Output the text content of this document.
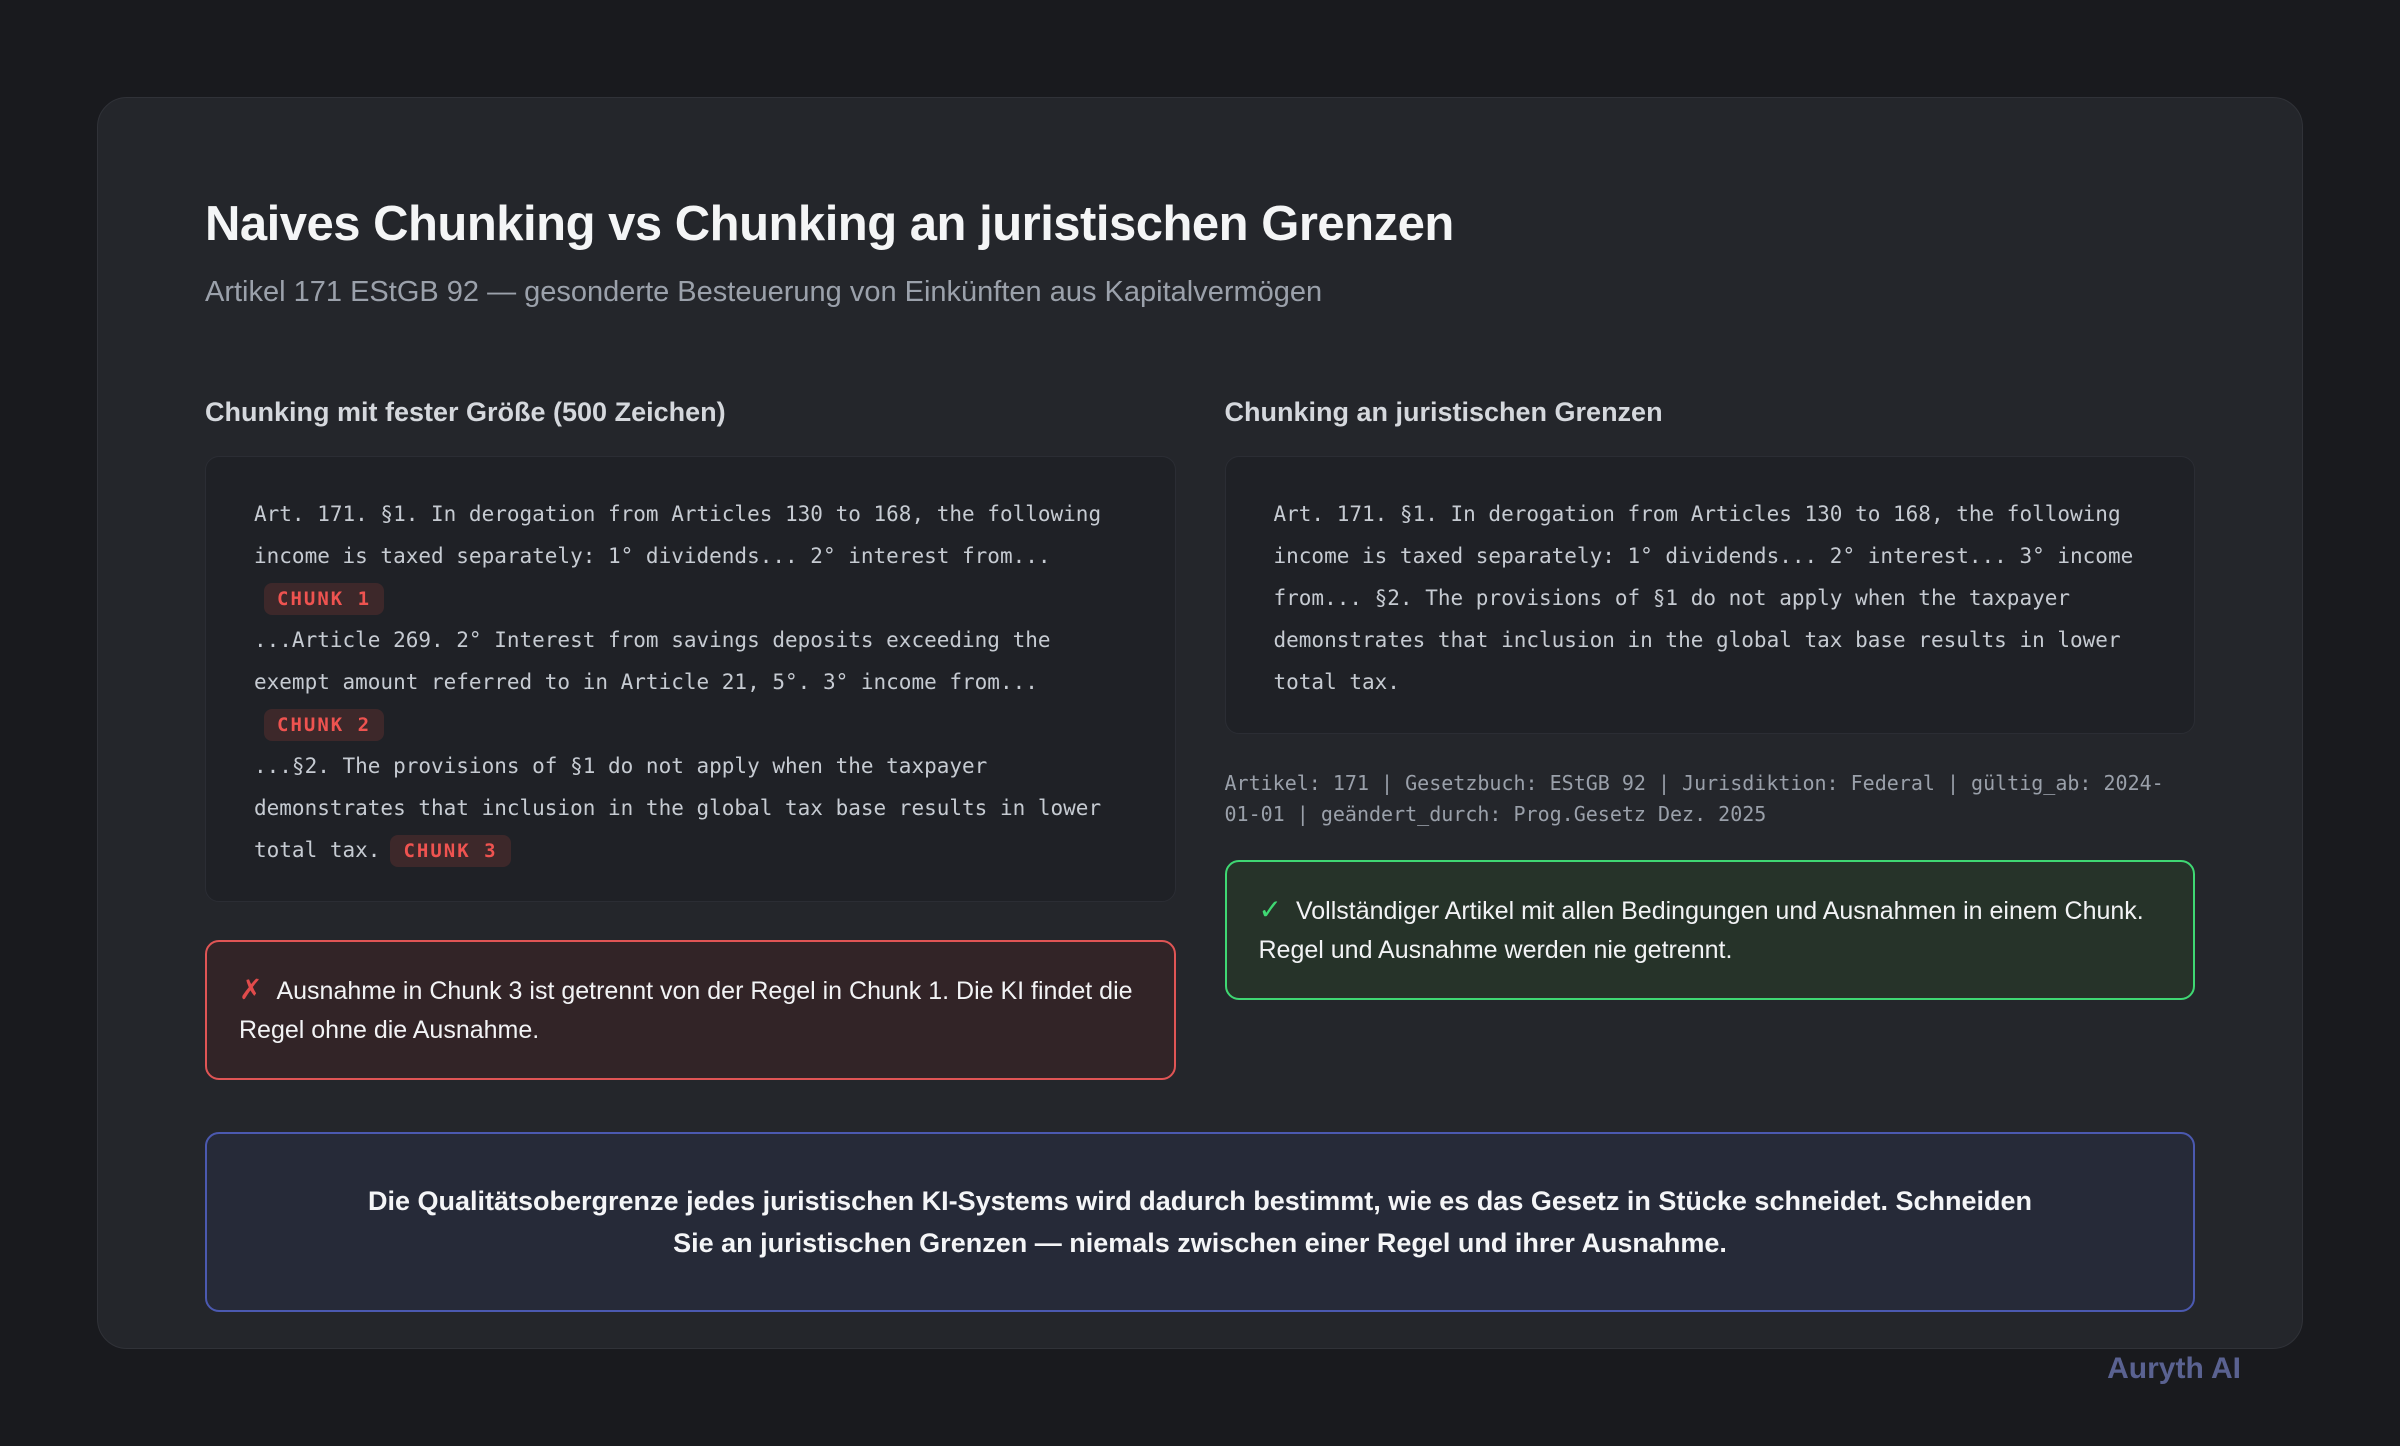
Naives Chunking vs Chunking an juristischen Grenzen
Artikel 171 EStGB 92 — gesonderte Besteuerung von Einkünften aus Kapitalvermögen
Chunking mit fester Größe (500 Zeichen)
Art. 171. §1. In derogation from Articles 130 to 168, the following income is taxed separately: 1° dividends... 2° interest from...CHUNK 1
...Article 269. 2° Interest from savings deposits exceeding the exempt amount referred to in Article 21, 5°. 3° income from...CHUNK 2
...§2. The provisions of §1 do not apply when the taxpayer demonstrates that inclusion in the global tax base results in lower total tax. CHUNK 3
✗ Ausnahme in Chunk 3 ist getrennt von der Regel in Chunk 1. Die KI findet die Regel ohne die Ausnahme.
Chunking an juristischen Grenzen
Art. 171. §1. In derogation from Articles 130 to 168, the following income is taxed separately: 1° dividends... 2° interest... 3° income from... §2. The provisions of §1 do not apply when the taxpayer demonstrates that inclusion in the global tax base results in lower total tax.
Artikel: 171 | Gesetzbuch: EStGB 92 | Jurisdiktion: Federal | gültig_ab: 2024-01-01 | geändert_durch: Prog.Gesetz Dez. 2025
✓ Vollständiger Artikel mit allen Bedingungen und Ausnahmen in einem Chunk. Regel und Ausnahme werden nie getrennt.
Die Qualitätsobergrenze jedes juristischen KI-Systems wird dadurch bestimmt, wie es das Gesetz in Stücke schneidet. Schneiden Sie an juristischen Grenzen — niemals zwischen einer Regel und ihrer Ausnahme.
Auryth AI
